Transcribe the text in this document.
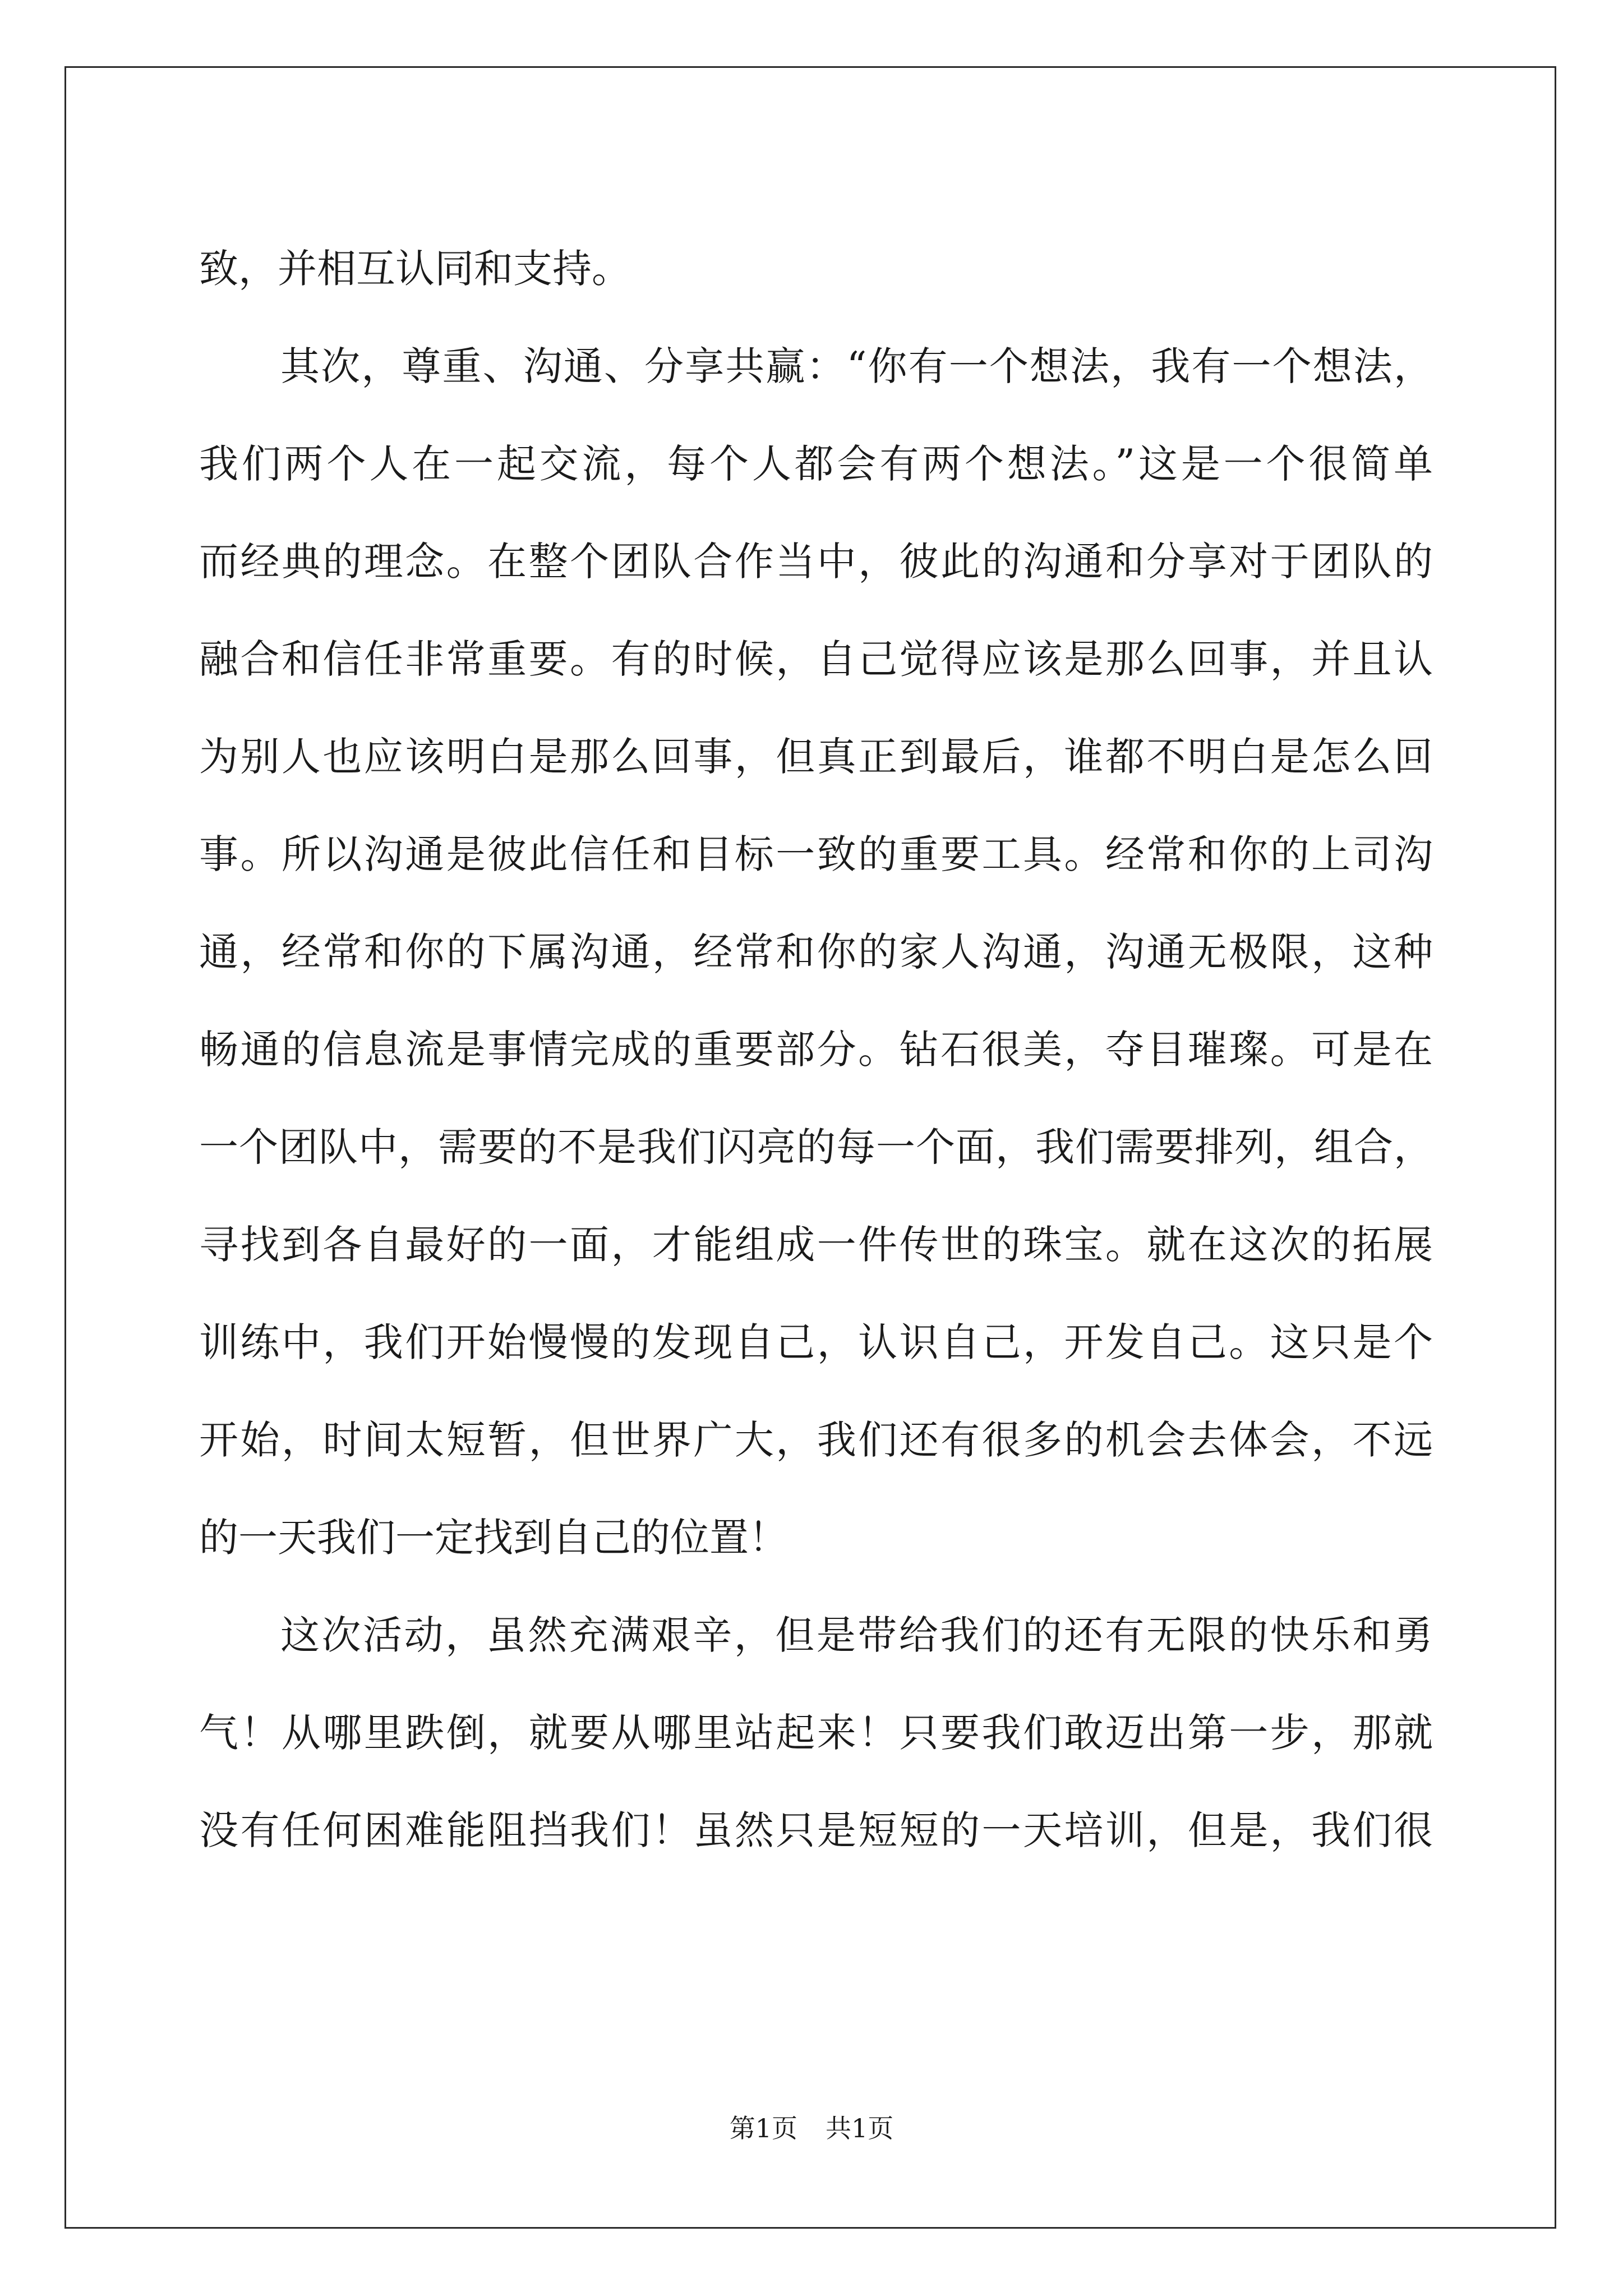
致，并相互认同和支持。
其次，尊重、沟通、分享共赢：“你有一个想法，我有一个想法，
我们两个人在一起交流，每个人都会有两个想法。”这是一个很简单
而经典的理念。在整个团队合作当中，彼此的沟通和分享对于团队的
融合和信任非常重要。有的时候，自己觉得应该是那么回事，并且认
为别人也应该明白是那么回事，但真正到最后，谁都不明白是怎么回
事。所以沟通是彼此信任和目标一致的重要工具。经常和你的上司沟
通，经常和你的下属沟通，经常和你的家人沟通，沟通无极限，这种
畅通的信息流是事情完成的重要部分。钻石很美，夺目璀璨。可是在
一个团队中，需要的不是我们闪亮的每一个面，我们需要排列，组合，
寻找到各自最好的一面，才能组成一件传世的珠宝。就在这次的拓展
训练中，我们开始慢慢的发现自己，认识自己，开发自己。这只是个
开始，时间太短暂，但世界广大，我们还有很多的机会去体会，不远
的一天我们一定找到自己的位置！
这次活动，虽然充满艰辛，但是带给我们的还有无限的快乐和勇
气！从哪里跌倒，就要从哪里站起来！只要我们敢迈出第一步，那就
没有任何困难能阻挡我们！虽然只是短短的一天培训，但是，我们很
第1页 共1页
